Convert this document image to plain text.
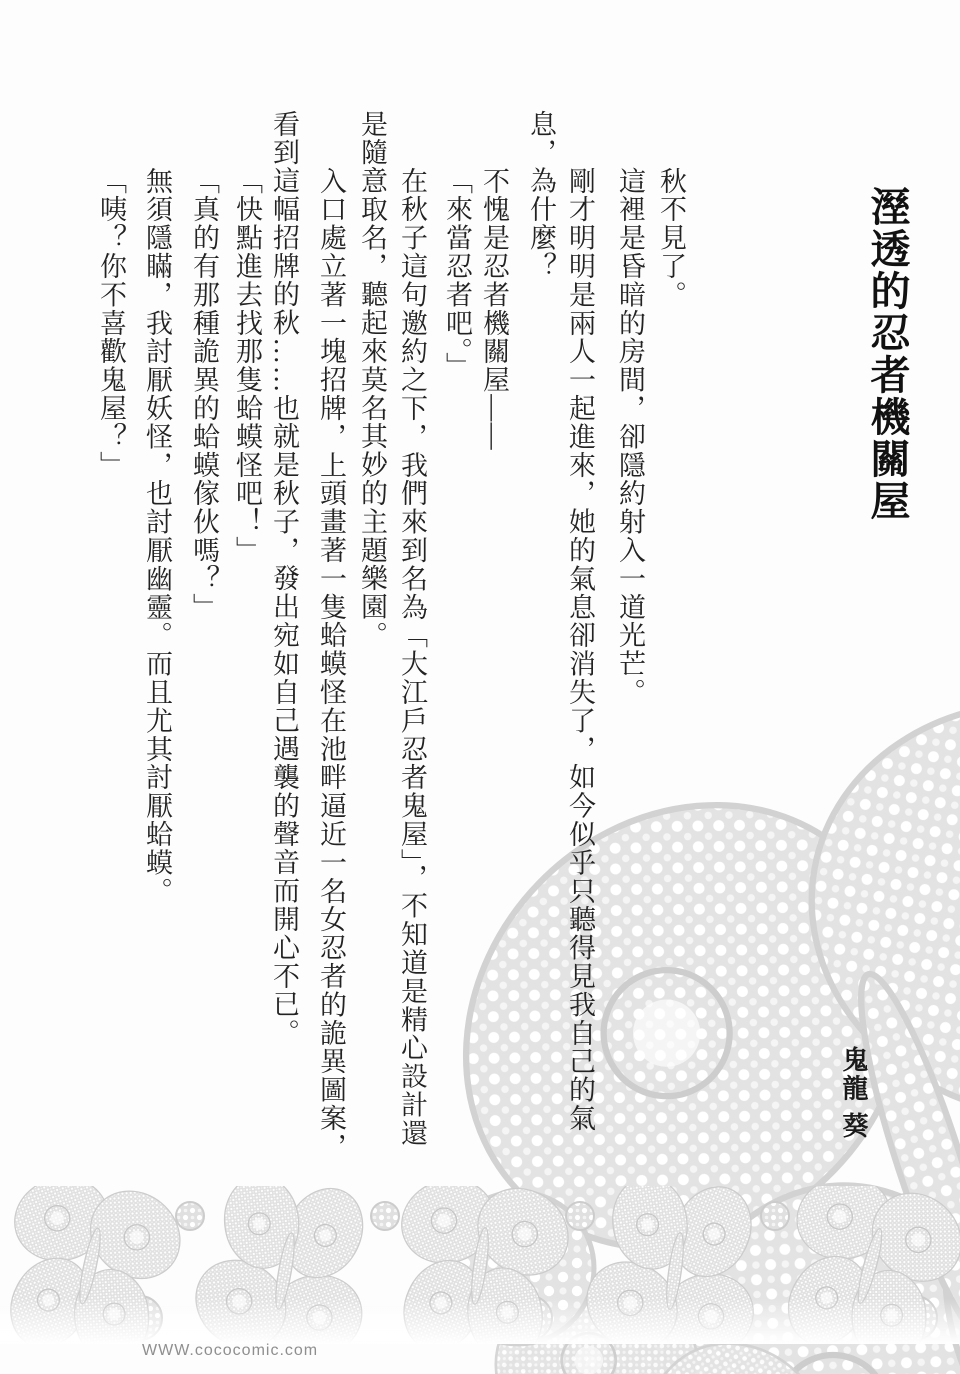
溼透的忍者機關屋
秋不見了。
這裡是昏暗的房間，卻隱約射入一道光芒。
剛才明明是兩人一起進來，她的氣息卻消失了，如今似乎只聽得見我自己的氣
息，為什麼？
不愧是忍者機關屋——
「來當忍者吧。」
在秋子這句邀約之下，我們來到名為「大江戶忍者鬼屋」，不知道是精心設計還
是隨意取名，聽起來莫名其妙的主題樂園。
入口處立著一塊招牌，上頭畫著一隻蛤蟆怪在池畔逼近一名女忍者的詭異圖案，
看到這幅招牌的秋……也就是秋子，發出宛如自己遇襲的聲音而開心不已。
「快點進去找那隻蛤蟆怪吧！」
「真的有那種詭異的蛤蟆傢伙嗎？」
無須隱瞞，我討厭妖怪，也討厭幽靈。而且尤其討厭蛤蟆。
「咦？你不喜歡鬼屋？」
鬼龍 葵
WWW.cococomic.com
